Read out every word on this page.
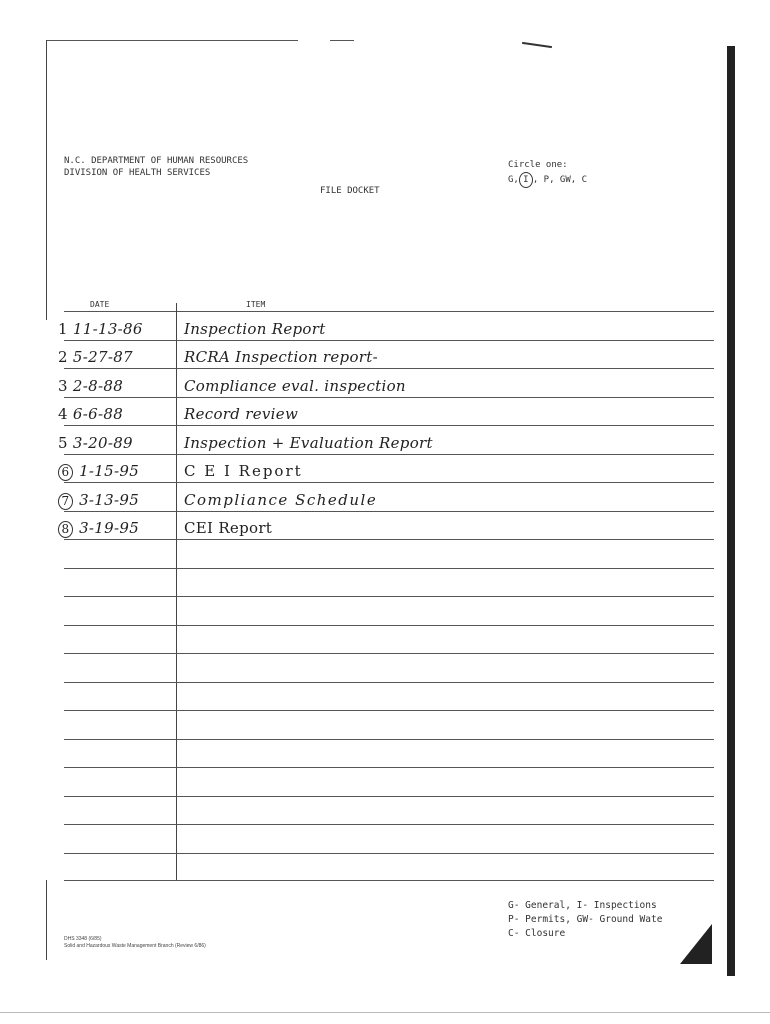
N.C. DEPARTMENT OF HUMAN RESOURCES
DIVISION OF HEALTH SERVICES
FILE DOCKET
Circle one:
G, I , P, GW, C
DATE	ITEM
1 11-13-86	Inspection Report
2 5-27-87	RCRA Inspection report-
3 2-8-88	Compliance eval. inspection
4 6-6-88	Record review
5 3-20-89	Inspection + Evaluation Report
6 1-15-95	C E I Report
7 3-13-95	Compliance Schedule
8 3-19-95	CEI Report
G- General, I- Inspections
P- Permits, GW- Ground Wate
C- Closure
DHS 3348 (6/85)
Solid and Hazardous Waste Management Branch (Review 6/86)
